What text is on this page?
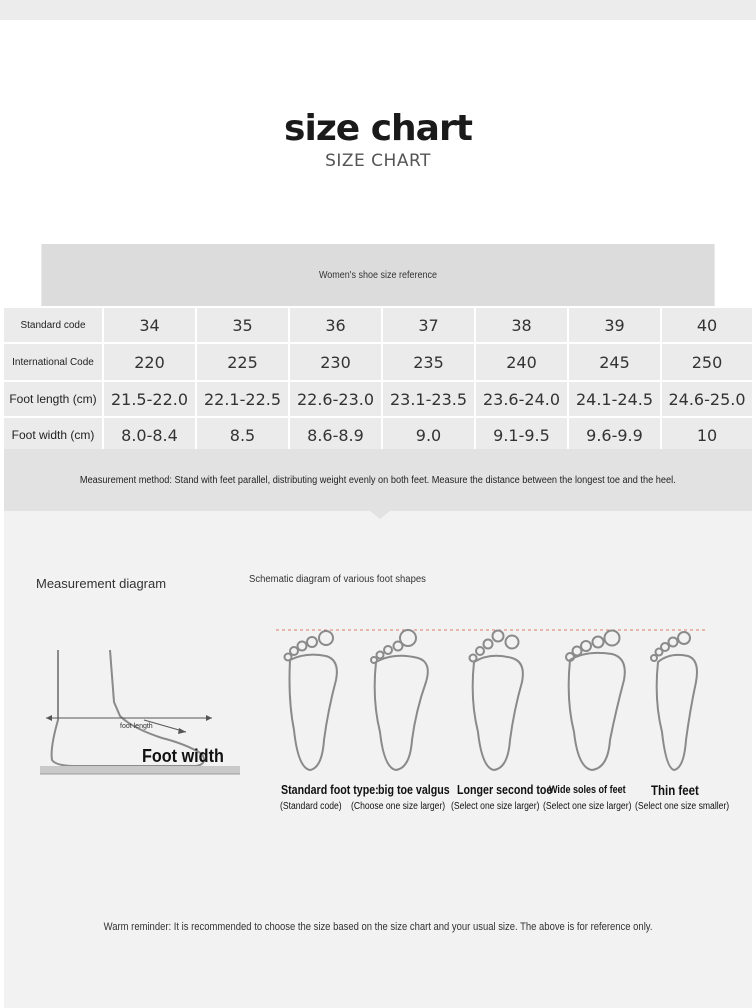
size chart
SIZE CHART
Women's shoe size reference
Standard code	34	35	36	37	38	39	40
International Code	220	225	230	235	240	245	250
Foot length (cm) 21.5-22.0 22.1-22.5 22.6-23.0 23.1-23.5 23.6-24.0 24.1-24.5 24.6-25.0
Foot width (cm)	8.0-8.4	8.5	8.6-8.9	9.0	9.1-9.5	9.6-9.9	10
Measurement method: Stand with feet parallel, distributing weight evenly on both feet. Measure the distance between the longest toe and the heel.
Measurement diagram	Schematic diagram of various foot shapes
foot length
Foot width
Standard foot type: big toe valgus Longer second toe
Wide soles of feet Thin feet
(Standard code) (Choose one size larger) (Select one size larger) (Select one size larger) (Select one size smaller)
Warm reminder: It is recommended to choose the size based on the size chart and your usual size. The above is for reference only.
